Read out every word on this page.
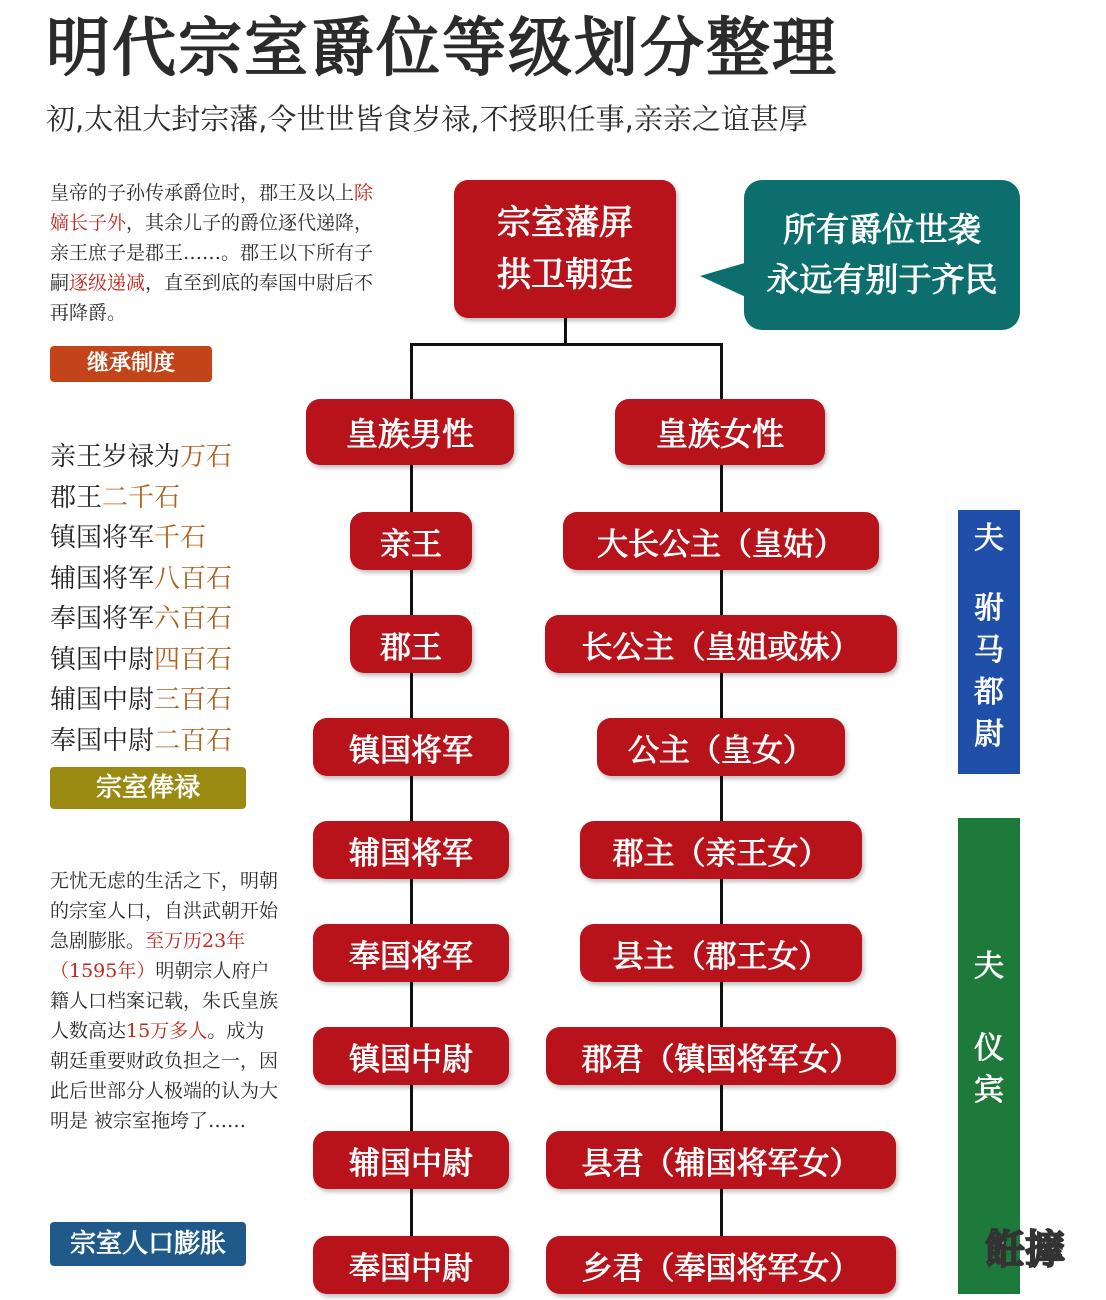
明代宗室爵位等级划分整理
初,太祖大封宗藩,令世世皆食岁禄,不授职任事,亲亲之谊甚厚
皇帝的子孙传承爵位时，郡王及以上除嫡长子外，其余儿子的爵位逐代递降，亲王庶子是郡王……。郡王以下所有子嗣逐级递减，直至到底的奉国中尉后不再降爵。
继承制度
亲王岁禄为万石
郡王二千石
镇国将军千石
辅国将军八百石
奉国将军六百石
镇国中尉四百石
辅国中尉三百石
奉国中尉二百石
宗室俸禄
无忧无虑的生活之下，明朝的宗室人口，自洪武朝开始急剧膨胀。至万历23年（1595年）明朝宗人府户籍人口档案记载，朱氏皇族人数高达15万多人。成为朝廷重要财政负担之一，因此后世部分人极端的认为大明是 被宗室拖垮了……
宗室人口膨胀
宗室藩屏
拱卫朝廷
所有爵位世袭
永远有别于齐民
皇族男性	皇族女性
亲王
郡王
镇国将军
辅国将军
奉国将军
镇国中尉
辅国中尉
奉国中尉
大长公主（皇姑）
长公主（皇姐或妹）
公主（皇女）
郡主（亲王女）
县主（郡王女）
郡君（镇国将军女）
县君（辅国将军女）
乡君（奉国将军女）
夫
驸
马
都
尉
夫
仪
宾
餁擵
